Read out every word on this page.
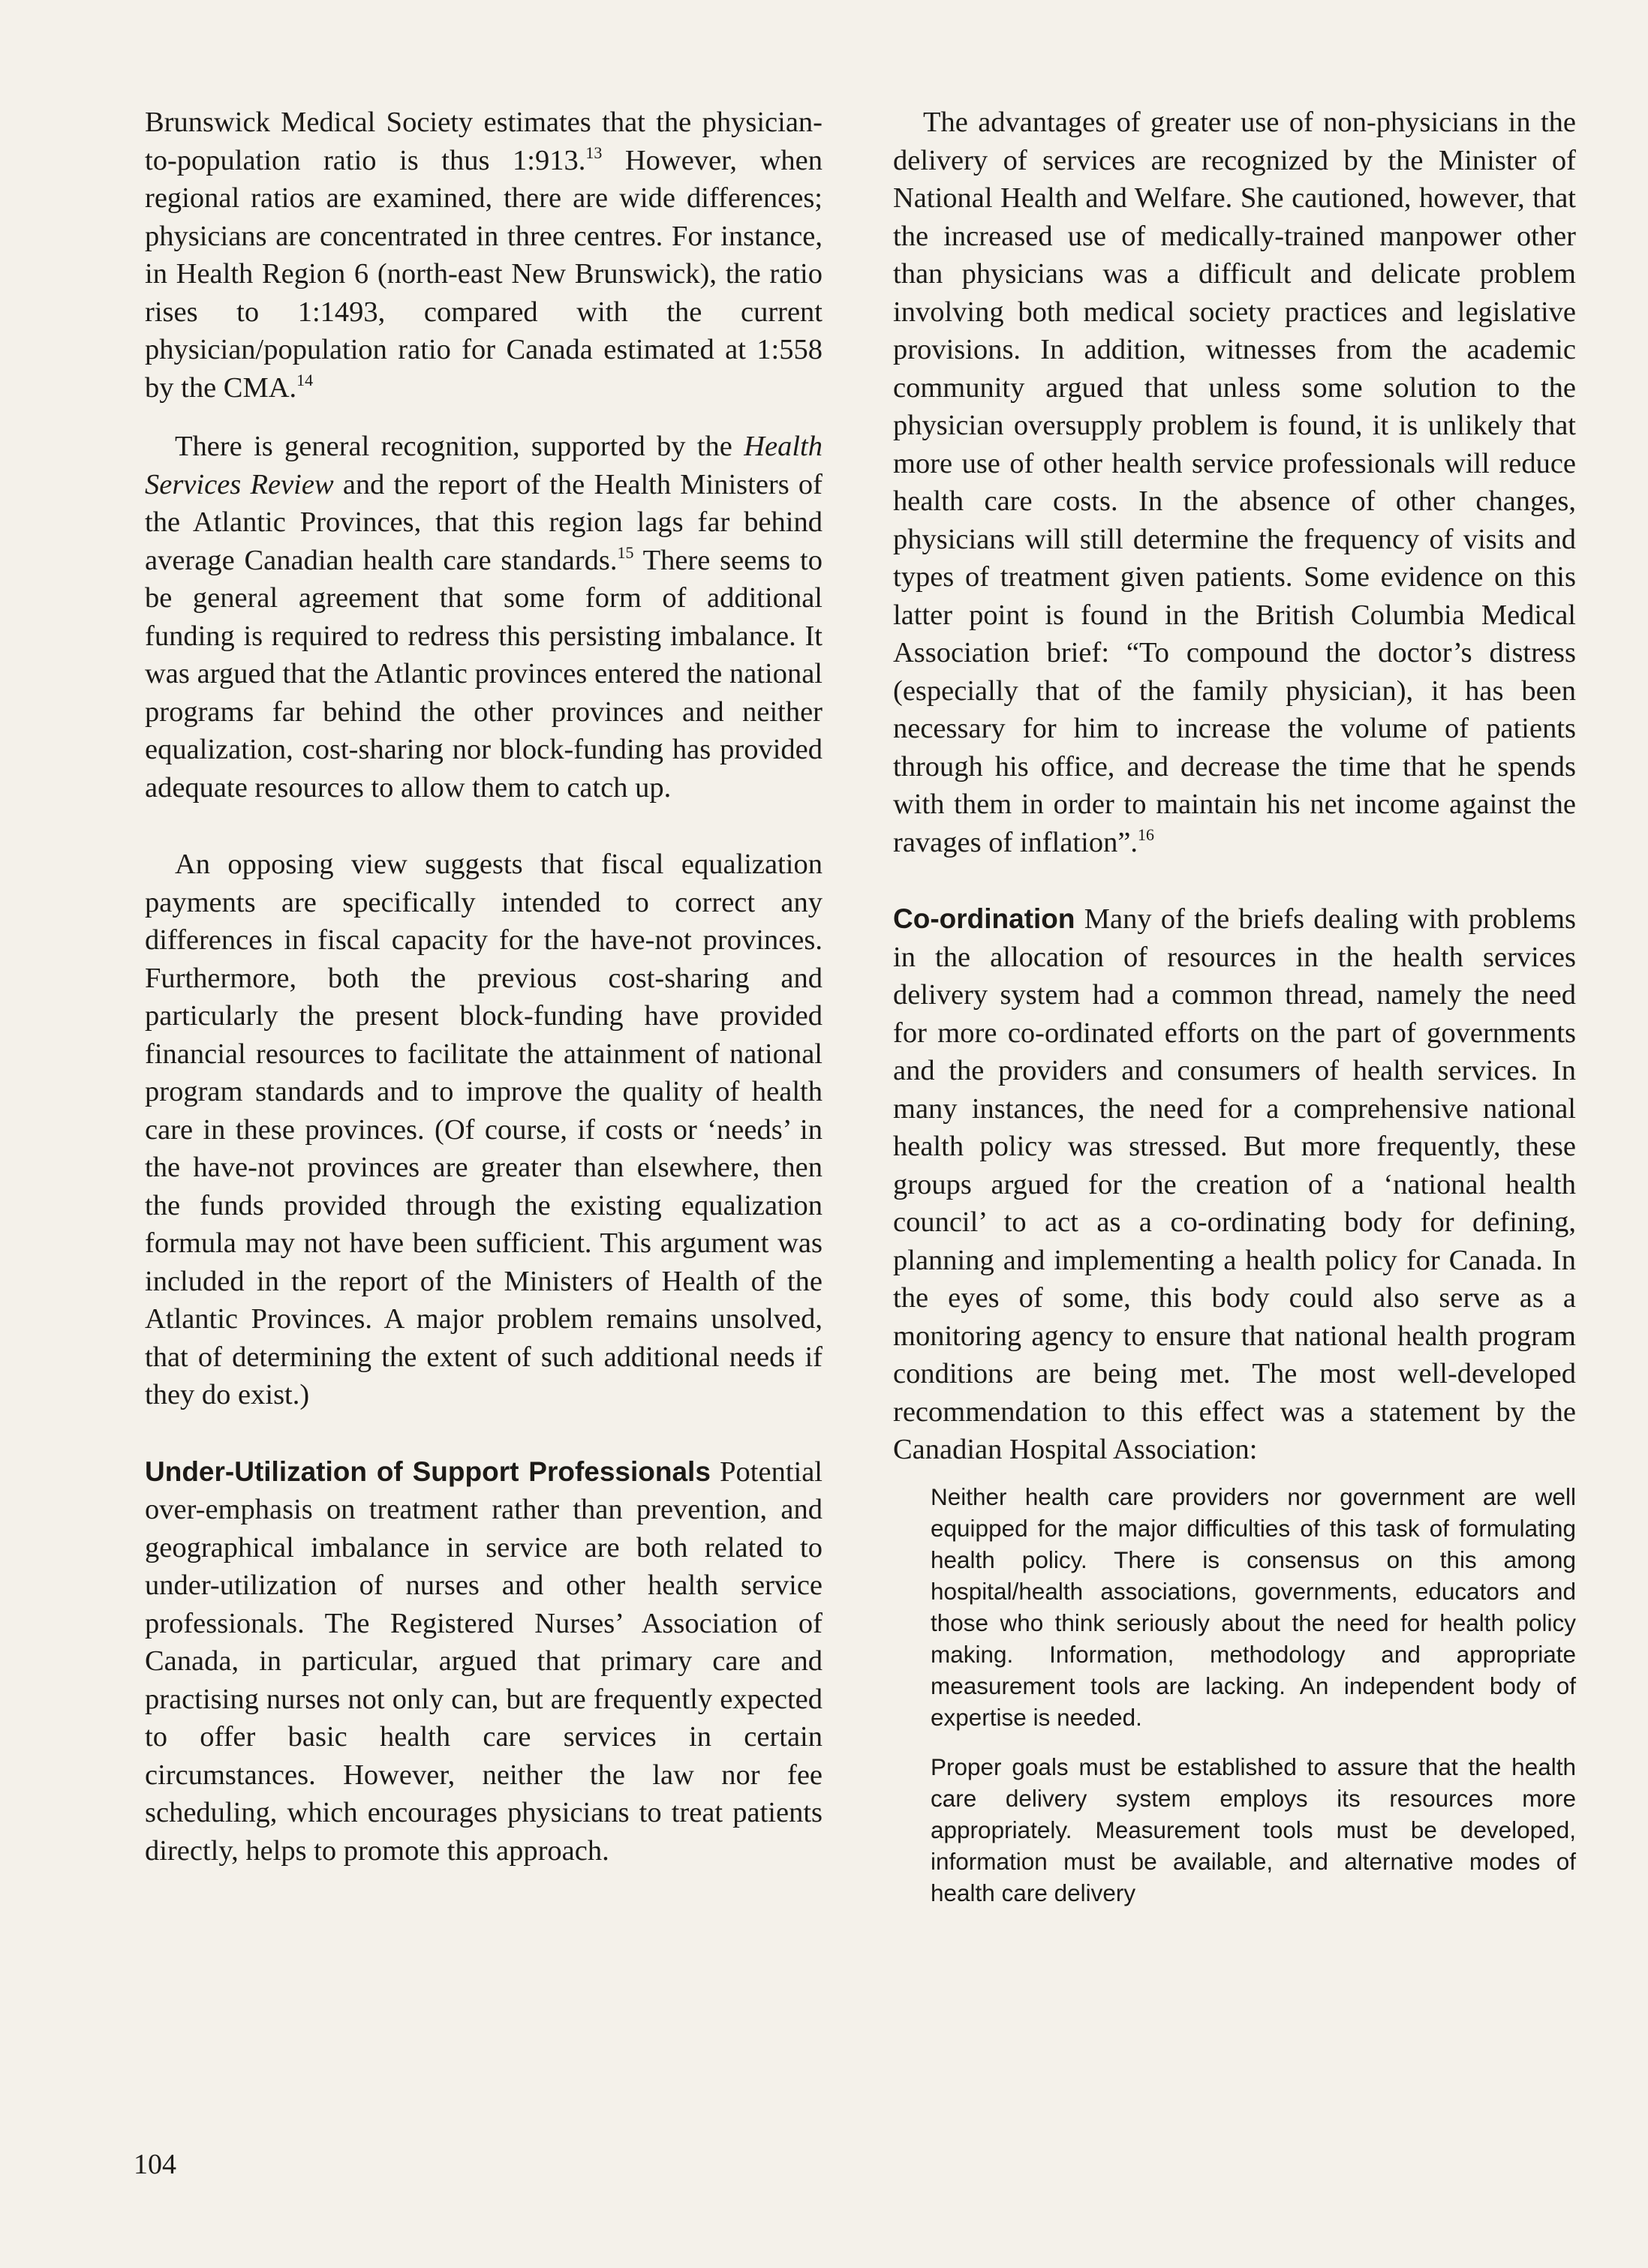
Brunswick Medical Society estimates that the physician-to-population ratio is thus 1:913.13 However, when regional ratios are examined, there are wide differences; physicians are concentrated in three centres. For instance, in Health Region 6 (north-east New Brunswick), the ratio rises to 1:1493, compared with the current physician/population ratio for Canada estimated at 1:558 by the CMA.$^{14}$

There is general recognition, supported by the Health Services Review and the report of the Health Ministers of the Atlantic Provinces, that this region lags far behind average Canadian health care standards.$^{15}$ There seems to be general agreement that some form of additional funding is required to redress this persisting imbalance. It was argued that the Atlantic provinces entered the national programs far behind the other provinces and neither equalization, cost-sharing nor block-funding has provided adequate resources to allow them to catch up.

An opposing view suggests that fiscal equalization payments are specifically intended to correct any differences in fiscal capacity for the have-not provinces. Furthermore, both the previous cost-sharing and particularly the present block-funding have provided financial resources to facilitate the attainment of national program standards and to improve the quality of health care in these provinces. (Of course, if costs or ‘needs’ in the have-not provinces are greater than elsewhere, then the funds provided through the existing equalization formula may not have been sufficient. This argument was included in the report of the Ministers of Health of the Atlantic Provinces. A major problem remains unsolved, that of determining the extent of such additional needs if they do exist.)

Under-Utilization of Support Professionals Potential over-emphasis on treatment rather than prevention, and geographical imbalance in service are both related to under-utilization of nurses and other health service professionals. The Registered Nurses’ Association of Canada, in particular, argued that primary care and practising nurses not only can, but are frequently expected to offer basic health care services in certain circumstances. However, neither the law nor fee scheduling, which encourages physicians to treat patients directly, helps to promote this approach.

The advantages of greater use of non-physicians in the delivery of services are recognized by the Minister of National Health and Welfare. She cautioned, however, that the increased use of medically-trained manpower other than physicians was a difficult and delicate problem involving both medical society practices and legislative provisions. In addition, witnesses from the academic community argued that unless some solution to the physician oversupply problem is found, it is unlikely that more use of other health service professionals will reduce health care costs. In the absence of other changes, physicians will still determine the frequency of visits and types of treatment given patients. Some evidence on this latter point is found in the British Columbia Medical Association brief: “To compound the doctor’s distress (especially that of the family physician), it has been necessary for him to increase the volume of patients through his office, and decrease the time that he spends with them in order to maintain his net income against the ravages of inflation”.$^{16}$

Co-ordination Many of the briefs dealing with problems in the allocation of resources in the health services delivery system had a common thread, namely the need for more co-ordinated efforts on the part of governments and the providers and consumers of health services. In many instances, the need for a comprehensive national health policy was stressed. But more frequently, these groups argued for the creation of a ‘national health council’ to act as a co-ordinating body for defining, planning and implementing a health policy for Canada. In the eyes of some, this body could also serve as a monitoring agency to ensure that national health program conditions are being met. The most well-developed recommendation to this effect was a statement by the Canadian Hospital Association:

Neither health care providers nor government are well equipped for the major difficulties of this task of formulating health policy. There is consensus on this among hospital/health associations, governments, educators and those who think seriously about the need for health policy making. Information, methodology and appropriate measurement tools are lacking. An independent body of expertise is needed.

Proper goals must be established to assure that the health care delivery system employs its resources more appropriately. Measurement tools must be developed, information must be available, and alternative modes of health care delivery

104
